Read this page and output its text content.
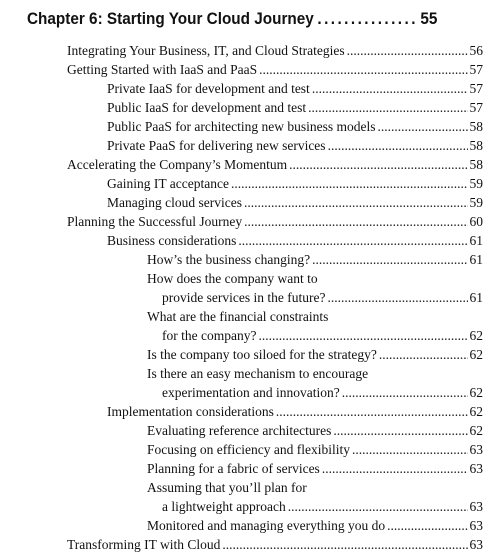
Chapter 6: Starting Your Cloud Journey . . .	55
Integrating Your Business, IT, and Cloud Strategies .....	56
Getting Started with IaaS and PaaS .....	57
Private IaaS for development and test .....	57
Public IaaS for development and test .....	57
Public PaaS for architecting new business models .....	58
Private PaaS for delivering new services .....	58
Accelerating the Company’s Momentum .....	58
Gaining IT acceptance .....	59
Managing cloud services .....	59
Planning the Successful Journey .....	60
Business considerations .....	61
How’s the business changing? .....	61
How does the company want to
provide services in the future? .....	61
What are the financial constraints
for the company? .....	62
Is the company too siloed for the strategy? .....	62
Is there an easy mechanism to encourage
experimentation and innovation? .....	62
Implementation considerations .....	62
Evaluating reference architectures .....	62
Focusing on efficiency and flexibility .....	63
Planning for a fabric of services .....	63
Assuming that you’ll plan for
a lightweight approach .....	63
Monitored and managing everything you do .....	63
Transforming IT with Cloud .....	63
